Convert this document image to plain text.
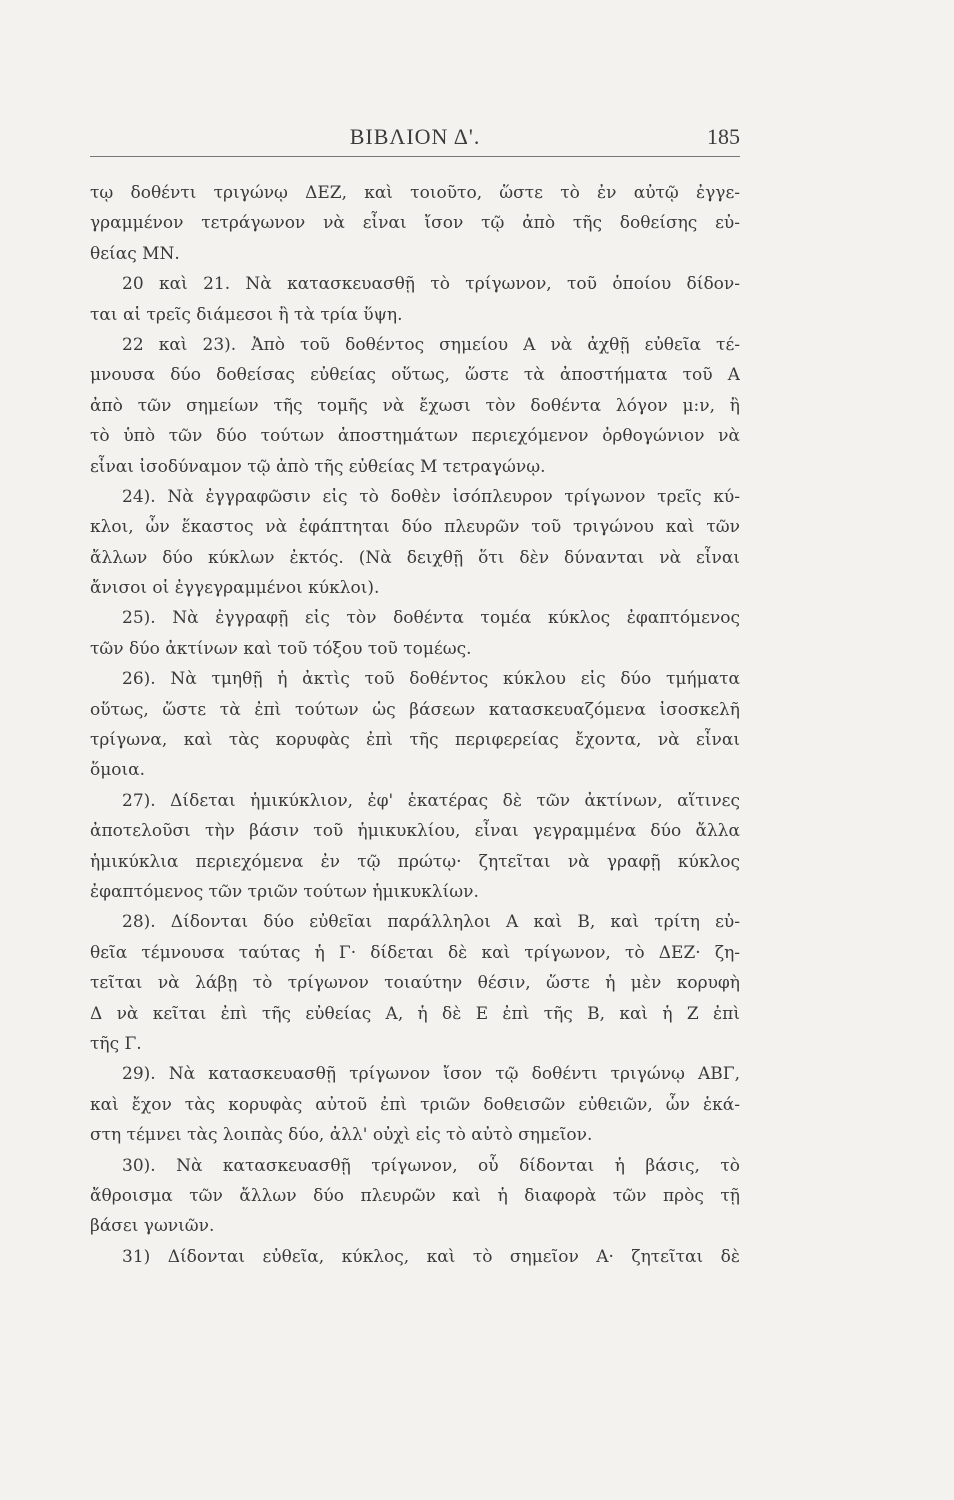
ΒΙΒΛΙΟΝ Δ'.	185
τῳ δοθέντι τριγώνῳ ΔΕΖ, καὶ τοιοῦτο, ὥστε τὸ ἐν αὐτῷ ἐγγε-
γραμμένον τετράγωνον νὰ εἶναι ἴσον τῷ ἀπὸ τῆς δοθείσης εὐ-
θείας ΜΝ.
20 καὶ 21. Νὰ κατασκευασθῇ τὸ τρίγωνον, τοῦ ὁποίου δίδον-
ται αἱ τρεῖς διάμεσοι ἢ τὰ τρία ὕψη.
22 καὶ 23). Ἀπὸ τοῦ δοθέντος σημείου Α νὰ ἀχθῇ εὐθεῖα τέ-
μνουσα δύο δοθείσας εὐθείας οὕτως, ὥστε τὰ ἀποστήματα τοῦ Α
ἀπὸ τῶν σημείων τῆς τομῆς νὰ ἔχωσι τὸν δοθέντα λόγον μ:ν, ἢ
τὸ ὑπὸ τῶν δύο τούτων ἀποστημάτων περιεχόμενον ὀρθογώνιον νὰ
εἶναι ἰσοδύναμον τῷ ἀπὸ τῆς εὐθείας Μ τετραγώνῳ.
24). Νὰ ἐγγραφῶσιν εἰς τὸ δοθὲν ἰσόπλευρον τρίγωνον τρεῖς κύ-
κλοι, ὧν ἕκαστος νὰ ἐφάπτηται δύο πλευρῶν τοῦ τριγώνου καὶ τῶν
ἄλλων δύο κύκλων ἐκτός. (Νὰ δειχθῇ ὅτι δὲν δύνανται νὰ εἶναι
ἄνισοι οἱ ἐγγεγραμμένοι κύκλοι).
25). Νὰ ἐγγραφῇ εἰς τὸν δοθέντα τομέα κύκλος ἐφαπτόμενος
τῶν δύο ἀκτίνων καὶ τοῦ τόξου τοῦ τομέως.
26). Νὰ τμηθῇ ἡ ἀκτὶς τοῦ δοθέντος κύκλου εἰς δύο τμήματα
οὕτως, ὥστε τὰ ἐπὶ τούτων ὡς βάσεων κατασκευαζόμενα ἰσοσκελῆ
τρίγωνα, καὶ τὰς κορυφὰς ἐπὶ τῆς περιφερείας ἔχοντα, νὰ εἶναι
ὅμοια.
27). Δίδεται ἡμικύκλιον, ἐφ' ἑκατέρας δὲ τῶν ἀκτίνων, αἵτινες
ἀποτελοῦσι τὴν βάσιν τοῦ ἡμικυκλίου, εἶναι γεγραμμένα δύο ἄλλα
ἡμικύκλια περιεχόμενα ἐν τῷ πρώτῳ· ζητεῖται νὰ γραφῇ κύκλος
ἐφαπτόμενος τῶν τριῶν τούτων ἡμικυκλίων.
28). Δίδονται δύο εὐθεῖαι παράλληλοι Α καὶ Β, καὶ τρίτη εὐ-
θεῖα τέμνουσα ταύτας ἡ Γ· δίδεται δὲ καὶ τρίγωνον, τὸ ΔΕΖ· ζη-
τεῖται νὰ λάβῃ τὸ τρίγωνον τοιαύτην θέσιν, ὥστε ἡ μὲν κορυφὴ
Δ νὰ κεῖται ἐπὶ τῆς εὐθείας Α, ἡ δὲ Ε ἐπὶ τῆς Β, καὶ ἡ Ζ ἐπὶ
τῆς Γ.
29). Νὰ κατασκευασθῇ τρίγωνον ἴσον τῷ δοθέντι τριγώνῳ ΑΒΓ,
καὶ ἔχον τὰς κορυφὰς αὐτοῦ ἐπὶ τριῶν δοθεισῶν εὐθειῶν, ὧν ἑκά-
στη τέμνει τὰς λοιπὰς δύο, ἀλλ' οὐχὶ εἰς τὸ αὐτὸ σημεῖον.
30). Νὰ κατασκευασθῇ τρίγωνον, οὗ δίδονται ἡ βάσις, τὸ
ἄθροισμα τῶν ἄλλων δύο πλευρῶν καὶ ἡ διαφορὰ τῶν πρὸς τῇ
βάσει γωνιῶν.
31) Δίδονται εὐθεῖα, κύκλος, καὶ τὸ σημεῖον Α· ζητεῖται δὲ
